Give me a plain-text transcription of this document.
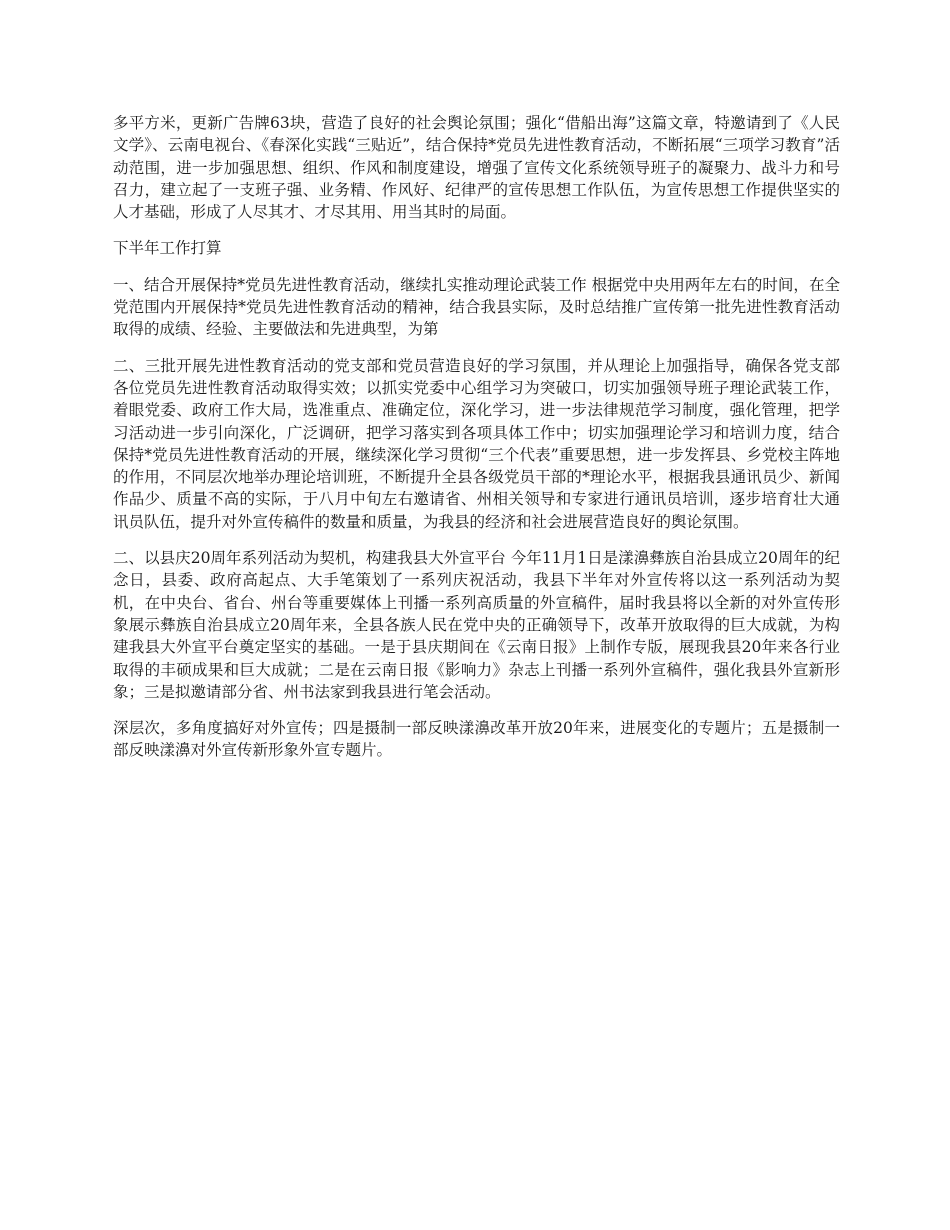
多平方米，更新广告牌63块，营造了良好的社会舆论氛围；强化“借船出海”这篇文章，特邀请到了《人民文学》、云南电视台、《春深化实践“三贴近”，结合保持*党员先进性教育活动，不断拓展“三项学习教育”活动范围，进一步加强思想、组织、作风和制度建设，增强了宣传文化系统领导班子的凝聚力、战斗力和号召力，建立起了一支班子强、业务精、作风好、纪律严的宣传思想工作队伍，为宣传思想工作提供坚实的人才基础，形成了人尽其才、才尽其用、用当其时的局面。

下半年工作打算

一、结合开展保持*党员先进性教育活动，继续扎实推动理论武装工作 根据党中央用两年左右的时间，在全党范围内开展保持*党员先进性教育活动的精神，结合我县实际，及时总结推广宣传第一批先进性教育活动取得的成绩、经验、主要做法和先进典型，为第

二、三批开展先进性教育活动的党支部和党员营造良好的学习氛围，并从理论上加强指导，确保各党支部各位党员先进性教育活动取得实效；以抓实党委中心组学习为突破口，切实加强领导班子理论武装工作，着眼党委、政府工作大局，选准重点、准确定位，深化学习，进一步法律规范学习制度，强化管理，把学习活动进一步引向深化，广泛调研，把学习落实到各项具体工作中；切实加强理论学习和培训力度，结合保持*党员先进性教育活动的开展，继续深化学习贯彻“三个代表”重要思想，进一步发挥县、乡党校主阵地的作用，不同层次地举办理论培训班，不断提升全县各级党员干部的*理论水平，根据我县通讯员少、新闻作品少、质量不高的实际，于八月中旬左右邀请省、州相关领导和专家进行通讯员培训，逐步培育壮大通讯员队伍，提升对外宣传稿件的数量和质量，为我县的经济和社会进展营造良好的舆论氛围。

二、以县庆20周年系列活动为契机，构建我县大外宣平台 今年11月1日是漾濞彝族自治县成立20周年的纪念日，县委、政府高起点、大手笔策划了一系列庆祝活动，我县下半年对外宣传将以这一系列活动为契机，在中央台、省台、州台等重要媒体上刊播一系列高质量的外宣稿件，届时我县将以全新的对外宣传形象展示彝族自治县成立20周年来，全县各族人民在党中央的正确领导下，改革开放取得的巨大成就，为构建我县大外宣平台奠定坚实的基础。一是于县庆期间在《云南日报》上制作专版，展现我县20年来各行业取得的丰硕成果和巨大成就；二是在云南日报《影响力》杂志上刊播一系列外宣稿件，强化我县外宣新形象；三是拟邀请部分省、州书法家到我县进行笔会活动。

深层次，多角度搞好对外宣传；四是摄制一部反映漾濞改革开放20年来，进展变化的专题片；五是摄制一部反映漾濞对外宣传新形象外宣专题片。
